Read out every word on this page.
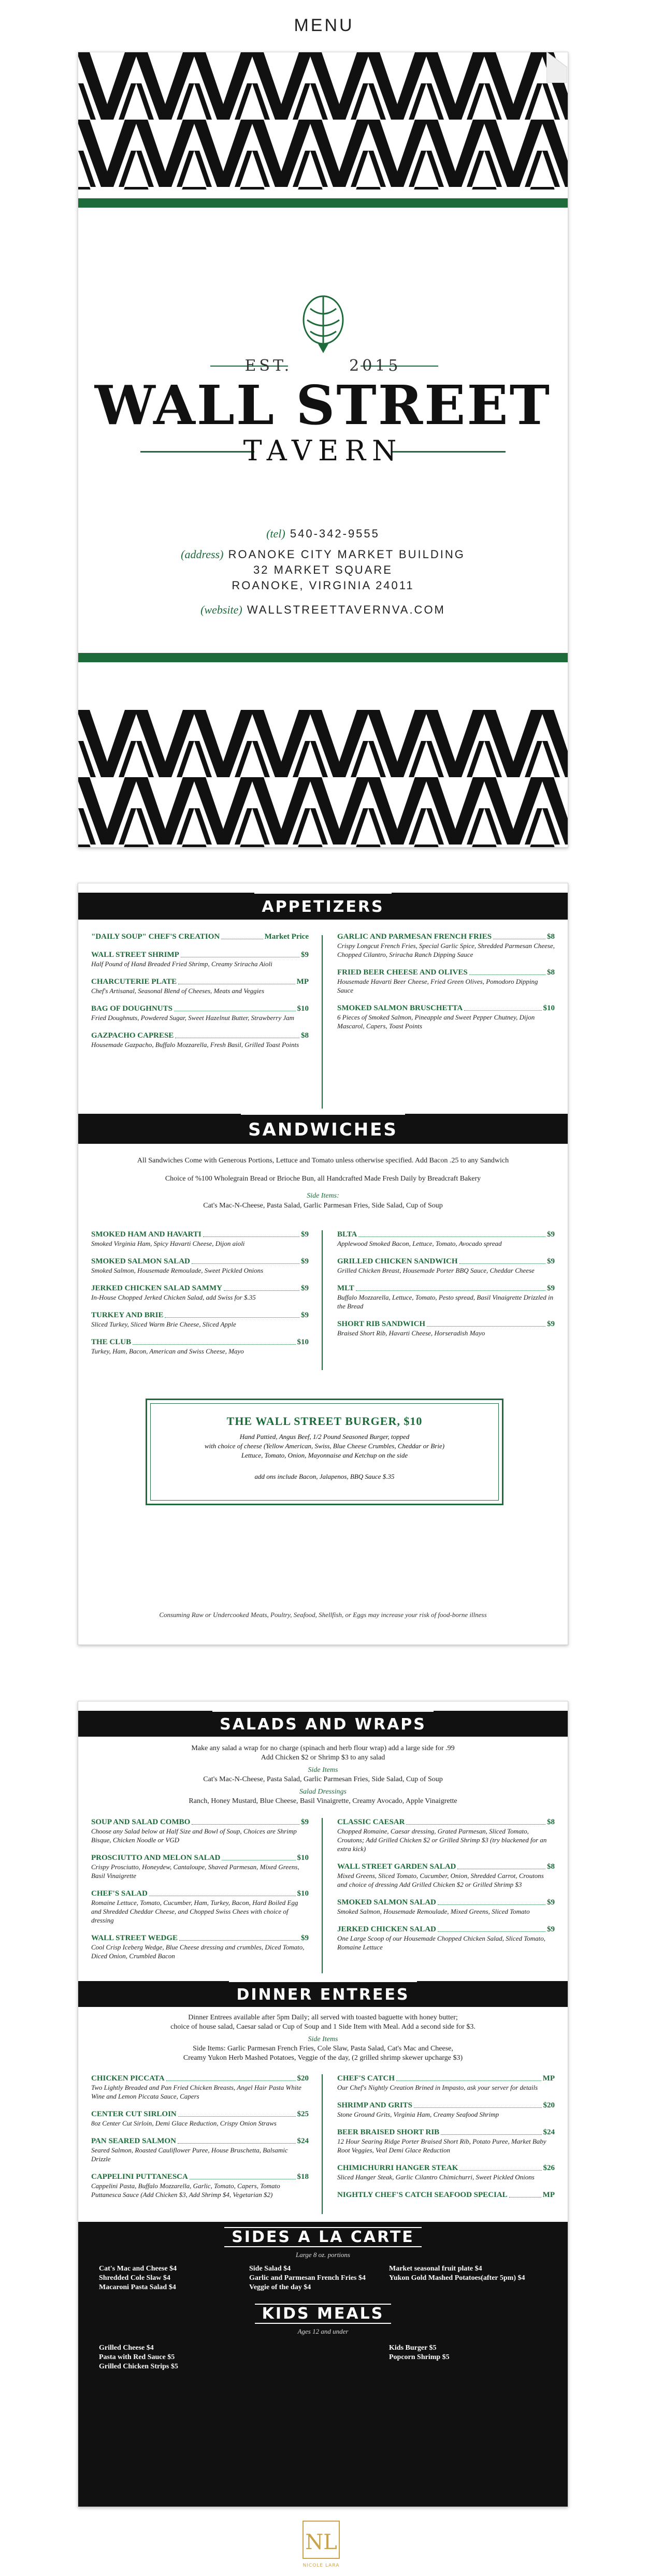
MENU
EST.	2015
WALL STREET
TAVERN
(tel) 540-342-9555
(address) ROANOKE CITY MARKET BUILDING
32 MARKET SQUARE
ROANOKE, VIRGINIA 24011
(website) WALLSTREETTAVERNVA.COM
APPETIZERS
"DAILY SOUP" CHEF'S CREATION	Market Price
WALL STREET SHRIMP	$9
Half Pound of Hand Breaded Fried Shrimp, Creamy Sriracha Aioli
CHARCUTERIE PLATE	MP
Chef's Artisanal, Seasonal Blend of Cheeses, Meats and Veggies
BAG OF DOUGHNUTS	$10
Fried Doughnuts, Powdered Sugar, Sweet Hazelnut Butter, Strawberry Jam
GAZPACHO CAPRESE	$8
Housemade Gazpacho, Buffalo Mozzarella, Fresh Basil, Grilled Toast Points
GARLIC AND PARMESAN FRENCH FRIES	$8
Crispy Longcut French Fries, Special Garlic Spice, Shredded Parmesan Cheese, Chopped Cilantro, Sriracha Ranch Dipping Sauce
FRIED BEER CHEESE AND OLIVES	$8
Housemade Havarti Beer Cheese, Fried Green Olives, Pomodoro Dipping Sauce
SMOKED SALMON BRUSCHETTA	$10
6 Pieces of Smoked Salmon, Pineapple and Sweet Pepper Chutney, Dijon Mascarol, Capers, Toast Points
SANDWICHES
All Sandwiches Come with Generous Portions, Lettuce and Tomato unless otherwise specified. Add Bacon .25 to any Sandwich
Choice of %100 Wholegrain Bread or Brioche Bun, all Handcrafted Made Fresh Daily by Breadcraft Bakery
Side Items:
Cat's Mac-N-Cheese, Pasta Salad, Garlic Parmesan Fries, Side Salad, Cup of Soup
SMOKED HAM AND HAVARTI	$9
Smoked Virginia Ham, Spicy Havarti Cheese, Dijon aioli
SMOKED SALMON SALAD	$9
Smoked Salmon, Housemade Remoulade, Sweet Pickled Onions
JERKED CHICKEN SALAD SAMMY	$9
In-House Chopped Jerked Chicken Salad, add Swiss for $.35
TURKEY AND BRIE	$9
Sliced Turkey, Sliced Warm Brie Cheese, Sliced Apple
THE CLUB	$10
Turkey, Ham, Bacon, American and Swiss Cheese, Mayo
BLTA	$9
Applewood Smoked Bacon, Lettuce, Tomato, Avocado spread
GRILLED CHICKEN SANDWICH	$9
Grilled Chicken Breast, Housemade Porter BBQ Sauce, Cheddar Cheese
MLT	$9
Buffalo Mozzarella, Lettuce, Tomato, Pesto spread, Basil Vinaigrette Drizzled in the Bread
SHORT RIB SANDWICH	$9
Braised Short Rib, Havarti Cheese, Horseradish Mayo
THE WALL STREET BURGER, $10
Hand Pattied, Angus Beef, 1/2 Pound Seasoned Burger, topped
with choice of cheese (Yellow American, Swiss, Blue Cheese Crumbles, Cheddar or Brie)
Lettuce, Tomato, Onion, Mayonnaise and Ketchup on the side
add ons include Bacon, Jalapenos, BBQ Sauce $.35
Consuming Raw or Undercooked Meats, Poultry, Seafood, Shellfish, or Eggs may increase your risk of food-borne illness
SALADS AND WRAPS
Make any salad a wrap for no charge (spinach and herb flour wrap) add a large side for .99
Add Chicken $2 or Shrimp $3 to any salad
Side Items
Cat's Mac-N-Cheese, Pasta Salad, Garlic Parmesan Fries, Side Salad, Cup of Soup
Salad Dressings
Ranch, Honey Mustard, Blue Cheese, Basil Vinaigrette, Creamy Avocado, Apple Vinaigrette
SOUP AND SALAD COMBO	$9
Choose any Salad below at Half Size and Bowl of Soup, Choices are Shrimp Bisque, Chicken Noodle or VGD
PROSCIUTTO AND MELON SALAD	$10
Crispy Prosciutto, Honeydew, Cantaloupe, Shaved Parmesan, Mixed Greens, Basil Vinaigrette
CHEF'S SALAD	$10
Romaine Lettuce, Tomato, Cucumber, Ham, Turkey, Bacon, Hard Boiled Egg and Shredded Cheddar Cheese, and Chopped Swiss Chees with choice of dressing
WALL STREET WEDGE	$9
Cool Crisp Iceberg Wedge, Blue Cheese dressing and crumbles, Diced Tomato, Diced Onion, Crumbled Bacon
CLASSIC CAESAR	$8
Chopped Romaine, Caesar dressing, Grated Parmesan, Sliced Tomato, Croutons; Add Grilled Chicken $2 or Grilled Shrimp $3 (try blackened for an extra kick)
WALL STREET GARDEN SALAD	$8
Mixed Greens, Sliced Tomato, Cucumber, Onion, Shredded Carrot, Croutons and choice of dressing Add Grilled Chicken $2 or Grilled Shrimp $3
SMOKED SALMON SALAD	$9
Smoked Salmon, Housemade Remoulade, Mixed Greens, Sliced Tomato
JERKED CHICKEN SALAD	$9
One Large Scoop of our Housemade Chopped Chicken Salad, Sliced Tomato, Romaine Lettuce
DINNER ENTREES
Dinner Entrees available after 5pm Daily; all served with toasted baguette with honey butter;
choice of house salad, Caesar salad or Cup of Soup and 1 Side Item with Meal. Add a second side for $3.
Side Items
Side Items: Garlic Parmesan French Fries, Cole Slaw, Pasta Salad, Cat's Mac and Cheese,
Creamy Yukon Herb Mashed Potatoes, Veggie of the day, (2 grilled shrimp skewer upcharge $3)
CHICKEN PICCATA	$20
Two Lightly Breaded and Pan Fried Chicken Breasts, Angel Hair Pasta White Wine and Lemon Piccata Sauce, Capers
CENTER CUT SIRLOIN	$25
8oz Center Cut Sirloin, Demi Glace Reduction, Crispy Onion Straws
PAN SEARED SALMON	$24
Seared Salmon, Roasted Cauliflower Puree, House Bruschetta, Balsamic Drizzle
CAPPELINI PUTTANESCA	$18
Cappelini Pasta, Buffalo Mozzarella, Garlic, Tomato, Capers, Tomato Puttanesca Sauce (Add Chicken $3, Add Shrimp $4, Vegetarian $2)
CHEF'S CATCH	MP
Our Chef's Nightly Creation Brined in Impasto, ask your server for details
SHRIMP AND GRITS	$20
Stone Ground Grits, Virginia Ham, Creamy Seafood Shrimp
BEER BRAISED SHORT RIB	$24
12 Hour Searing Ridge Porter Braised Short Rib, Potato Puree, Market Baby Root Veggies, Veal Demi Glace Reduction
CHIMICHURRI HANGER STEAK	$26
Sliced Hanger Steak, Garlic Cilantro Chimichurri, Sweet Pickled Onions
NIGHTLY CHEF'S CATCH SEAFOOD SPECIAL	MP
SIDES A LA CARTE
Large 8 oz. portions
Cat's Mac and Cheese $4
Shredded Cole Slaw $4
Macaroni Pasta Salad $4
Side Salad $4
Garlic and Parmesan French Fries $4
Veggie of the day $4
Market seasonal fruit plate $4
Yukon Gold Mashed Potatoes(after 5pm) $4
KIDS MEALS
Ages 12 and under
Grilled Cheese $4
Pasta with Red Sauce $5
Grilled Chicken Strips $5
Kids Burger $5
Popcorn Shrimp $5
NL
NICOLE LARA
